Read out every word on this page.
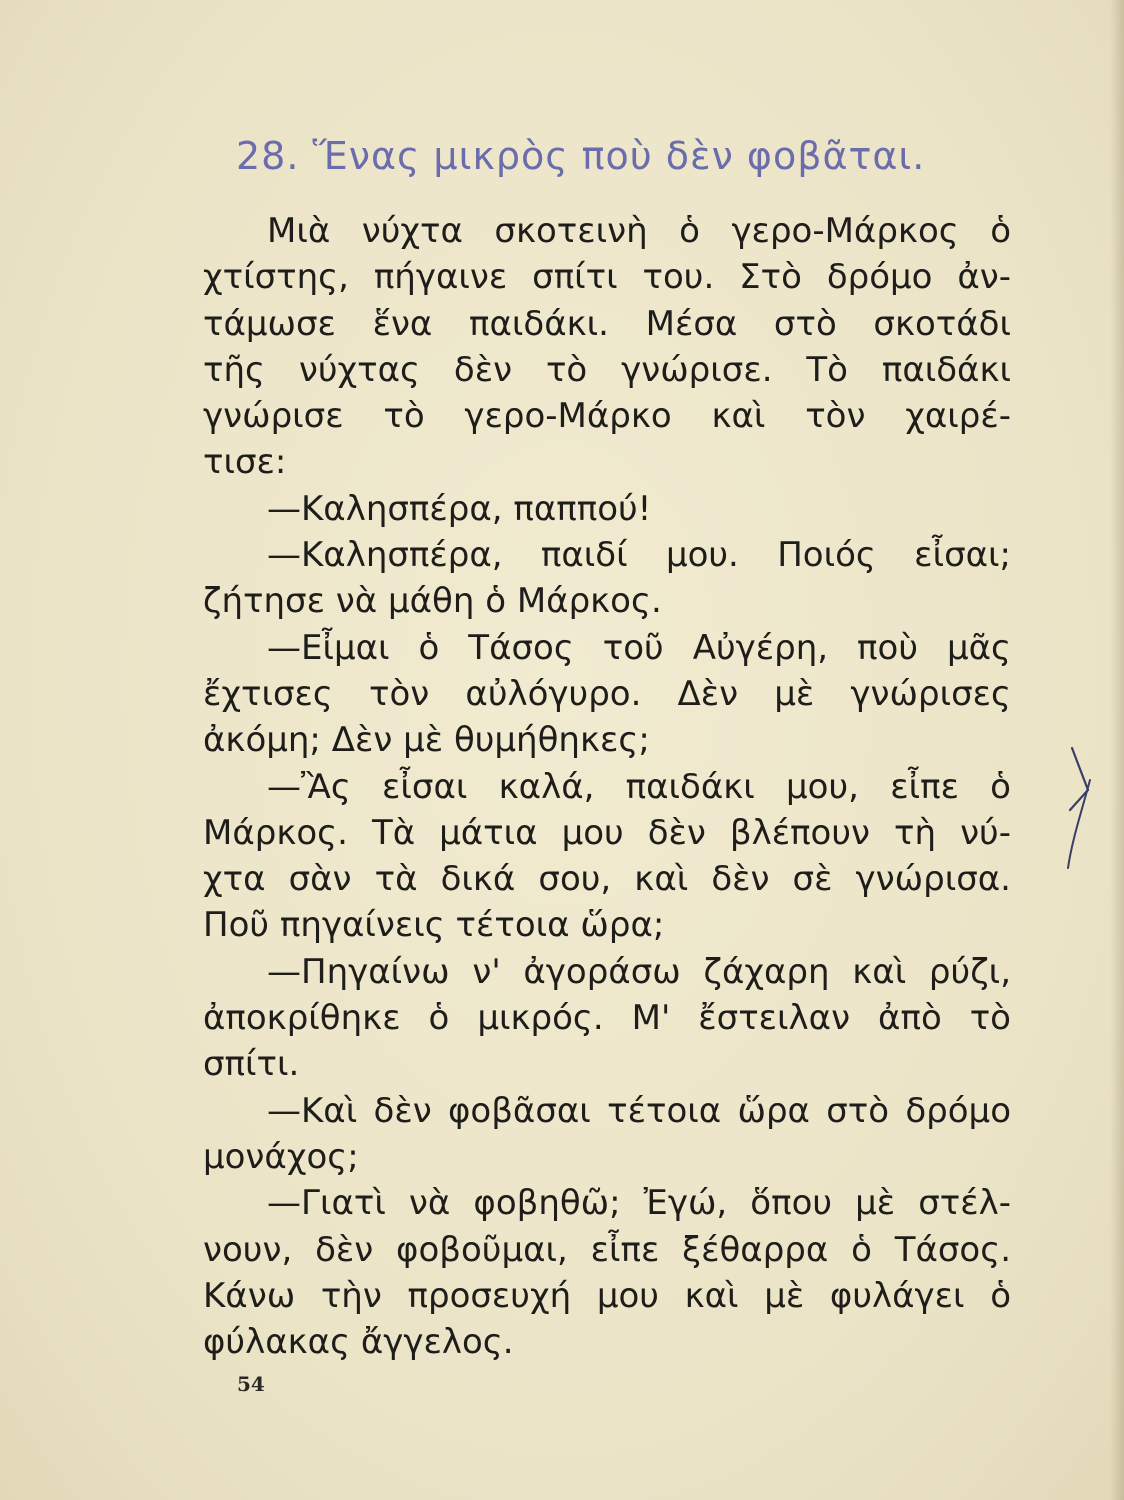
28. Ἕνας μικρὸς ποὺ δὲν φοβᾶται.
Μιὰ νύχτα σκοτεινὴ ὁ γερο-Μάρκος ὁ
χτίστης, πήγαινε σπίτι του. Στὸ δρόμο ἀν-
τάμωσε ἕνα παιδάκι. Μέσα στὸ σκοτάδι
τῆς νύχτας δὲν τὸ γνώρισε. Τὸ παιδάκι
γνώρισε τὸ γερο-Μάρκο καὶ τὸν χαιρέ-
τισε:
—Καλησπέρα, παππού!
—Καλησπέρα, παιδί μου. Ποιός εἶσαι;
ζήτησε νὰ μάθη ὁ Μάρκος.
—Εἶμαι ὁ Τάσος τοῦ Αὐγέρη, ποὺ μᾶς
ἔχτισες τὸν αὐλόγυρο. Δὲν μὲ γνώρισες
ἀκόμη; Δὲν μὲ θυμήθηκες;
—Ἂς εἶσαι καλά, παιδάκι μου, εἶπε ὁ
Μάρκος. Τὰ μάτια μου δὲν βλέπουν τὴ νύ-
χτα σὰν τὰ δικά σου, καὶ δὲν σὲ γνώρισα.
Ποῦ πηγαίνεις τέτοια ὥρα;
—Πηγαίνω ν' ἀγοράσω ζάχαρη καὶ ρύζι,
ἀποκρίθηκε ὁ μικρός. Μ' ἔστειλαν ἀπὸ τὸ
σπίτι.
—Καὶ δὲν φοβᾶσαι τέτοια ὥρα στὸ δρόμο
μονάχος;
—Γιατὶ νὰ φοβηθῶ; Ἐγώ, ὅπου μὲ στέλ-
νουν, δὲν φοβοῦμαι, εἶπε ξέθαρρα ὁ Τάσος.
Κάνω τὴν προσευχή μου καὶ μὲ φυλάγει ὁ
φύλακας ἄγγελος.
54
